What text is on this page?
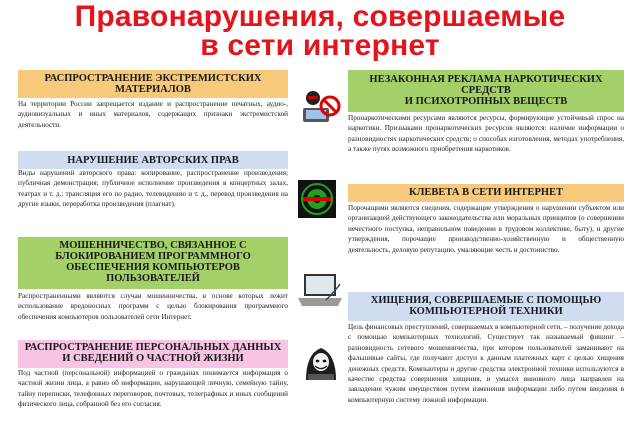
Правонарушения, совершаемые
в сети интернет
РАСПРОСТРАНЕНИЕ ЭКСТРЕМИСТСКИХ МАТЕРИАЛОВ
На территории России запрещается издание и распространение печатных, аудио-, аудиовизуальных и иных материалов, содержащих признаки экстремистской деятельности.
НАРУШЕНИЕ АВТОРСКИХ ПРАВ
Виды нарушений авторского права: копирование, распространение произведения; публичная демонстрация; публичное исполнение произведения в концертных залах, театрах и т. д.; трансляция его по радио, телевидению и т. д., перевод произведения на другие языки, переработка произведения (плагиат).
МОШЕННИЧЕСТВО, СВЯЗАННОЕ С БЛОКИРОВАНИЕМ ПРОГРАММНОГО ОБЕСПЕЧЕНИЯ КОМПЬЮТЕРОВ ПОЛЬЗОВАТЕЛЕЙ
Распространенными являются случаи мошенничества, в основе которых лежит использование вредоносных программ с целью блокирования программного обеспечения компьютеров пользователей сети Интернет.
РАСПРОСТРАНЕНИЕ ПЕРСОНАЛЬНЫХ ДАННЫХ И СВЕДЕНИЙ О ЧАСТНОЙ ЖИЗНИ
Под частной (персональной) информацией о гражданах понимается информация о частной жизни лица, а равно об информации, нарушающей личную, семейную тайну, тайну переписки, телефонных переговоров, почтовых, телеграфных и иных сообщений физического лица, собранной без его согласия.
НЕЗАКОННАЯ РЕКЛАМА НАРКОТИЧЕСКИХ СРЕДСТВ
И ПСИХОТРОПНЫХ ВЕЩЕСТВ
Пронаркотическими ресурсами являются ресурсы, формирующие устойчивый спрос на наркотики. Признаками пронаркотических ресурсов являются: наличие информации о разновидностях наркотических средств; о способах изготовления, методах употребления, а также путях возможного приобретения наркотиков.
КЛЕВЕТА В СЕТИ ИНТЕРНЕТ
Порочащими являются сведения, содержащие утверждения о нарушении субъектом или организацией действующего законодательства или моральных принципов (о совершении нечестного поступка, неправильном поведении в трудовом коллективе, быту), и другие утверждения, порочащие производственно-хозяйственную и общественную деятельность, деловую репутацию, умаляющие честь и достоинство.
ХИЩЕНИЯ, СОВЕРШАЕМЫЕ С ПОМОЩЬЮ КОМПЬЮТЕРНОЙ ТЕХНИКИ
Цель финансовых преступлений, совершаемых в компьютерной сети, – получение дохода с помощью компьютерных технологий. Существует так называемый фишинг – разновидность сетевого мошенничества, при котором пользователей заманивают на фальшивые сайты, где получают доступ к данным платежных карт с целью хищения денежных средств. Компьютеры и другие средства электронной техники используются в качестве средства совершения хищения, и умысел виновного лица направлен на завладение чужим имуществом путем изменения информации либо путем введения в компьютерную систему ложной информации.
